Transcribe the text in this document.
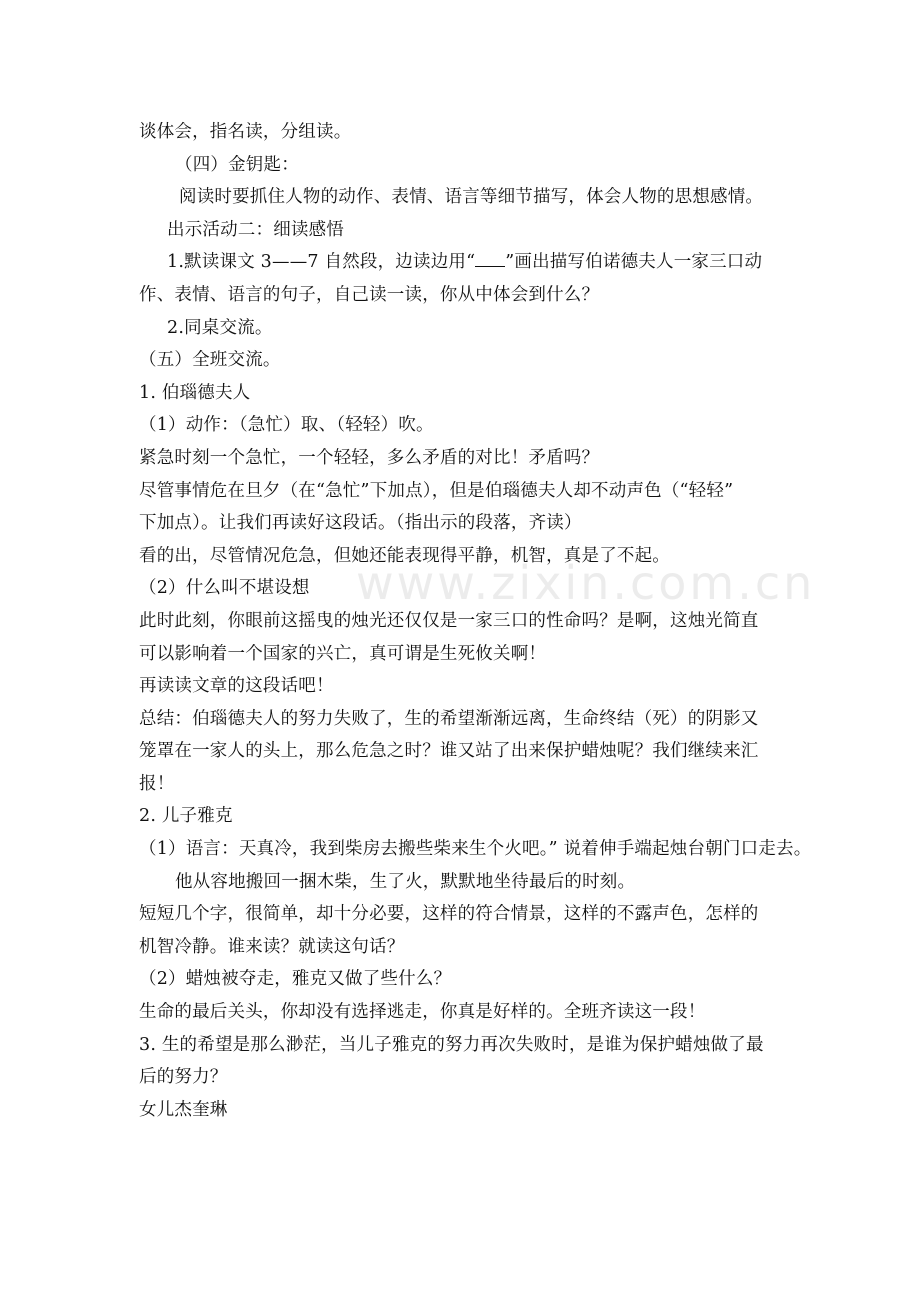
谈体会，指名读，分组读。
（四）金钥匙：
阅读时要抓住人物的动作、表情、语言等细节描写，体会人物的思想感情。
出示活动二：细读感悟
1.默读课文 3——7 自然段，边读边用“ ”画出描写伯诺德夫人一家三口动
作、表情、语言的句子，自己读一读，你从中体会到什么？
2.同桌交流。
（五）全班交流。
1. 伯瑙德夫人
（1）动作：（急忙）取、（轻轻）吹。
紧急时刻一个急忙，一个轻轻，多么矛盾的对比！矛盾吗？
尽管事情危在旦夕（在“急忙”下加点），但是伯瑙德夫人却不动声色（“轻轻”
下加点）。让我们再读好这段话。（指出示的段落，齐读）
看的出，尽管情况危急，但她还能表现得平静，机智，真是了不起。
（2）什么叫不堪设想
此时此刻，你眼前这摇曳的烛光还仅仅是一家三口的性命吗？是啊，这烛光简直
可以影响着一个国家的兴亡，真可谓是生死攸关啊！
再读读文章的这段话吧！
总结：伯瑙德夫人的努力失败了，生的希望渐渐远离，生命终结（死）的阴影又
笼罩在一家人的头上，那么危急之时？谁又站了出来保护蜡烛呢？我们继续来汇
报！
2. 儿子雅克
（1）语言：天真冷，我到柴房去搬些柴来生个火吧。” 说着伸手端起烛台朝门口走去。
他从容地搬回一捆木柴，生了火，默默地坐待最后的时刻。
短短几个字，很简单，却十分必要，这样的符合情景，这样的不露声色，怎样的
机智冷静。谁来读？就读这句话？
（2）蜡烛被夺走，雅克又做了些什么？
生命的最后关头，你却没有选择逃走，你真是好样的。全班齐读这一段！
3. 生的希望是那么渺茫，当儿子雅克的努力再次失败时，是谁为保护蜡烛做了最
后的努力？
女儿杰奎琳
www.zixin.com.cn
